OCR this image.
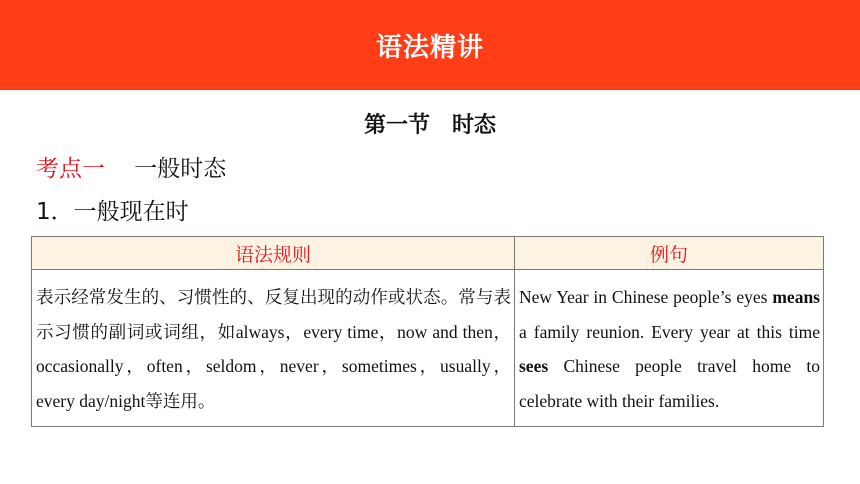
语法精讲
第一节　时态
考点一 一般时态
1．一般现在时
语法规则	例句
表示经常发生的、习惯性的、反复出现的动作或状态。常与表示习惯的副词或词组，如always，every time，now and then，occasionally，often，seldom，never，sometimes，usually，every day/night等连用。	New Year in Chinese people’s eyes means a family reunion. Every year at this time sees Chinese people travel home to celebrate with their families.
